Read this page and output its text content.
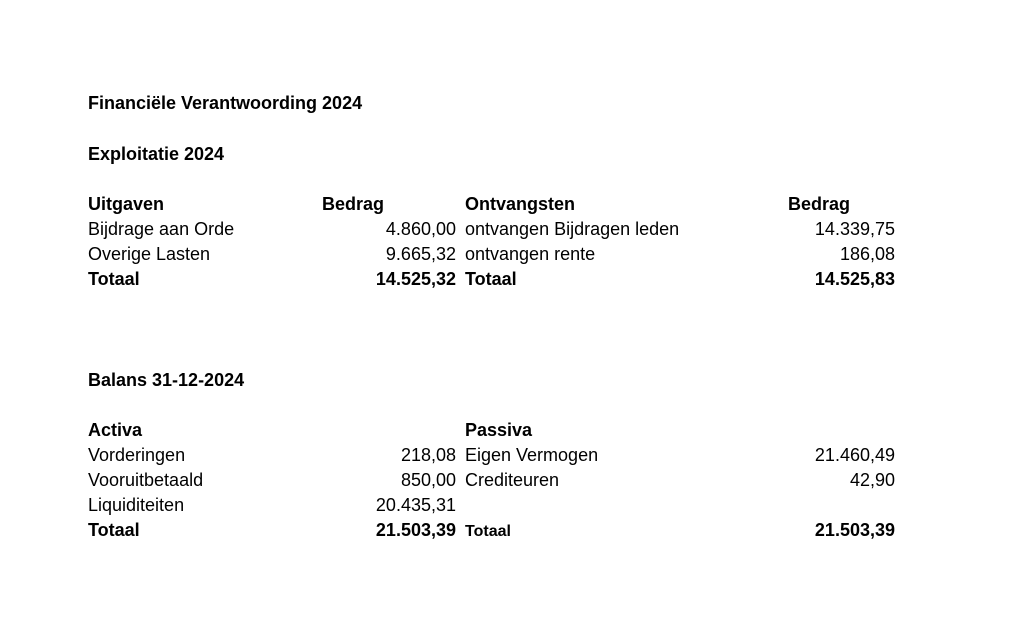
Financiële Verantwoording 2024
Exploitatie 2024
Uitgaven	Bedrag	Ontvangsten	Bedrag
Bijdrage aan Orde	4.860,00 ontvangen Bijdragen leden	14.339,75
Overige Lasten	9.665,32 ontvangen rente	186,08
Totaal	14.525,32 Totaal	14.525,83
Balans 31-12-2024
Activa	Passiva
Vorderingen	218,08 Eigen Vermogen	21.460,49
Vooruitbetaald	850,00 Crediteuren	42,90
Liquiditeiten	20.435,31
Totaal	21.503,39 Totaal	21.503,39
